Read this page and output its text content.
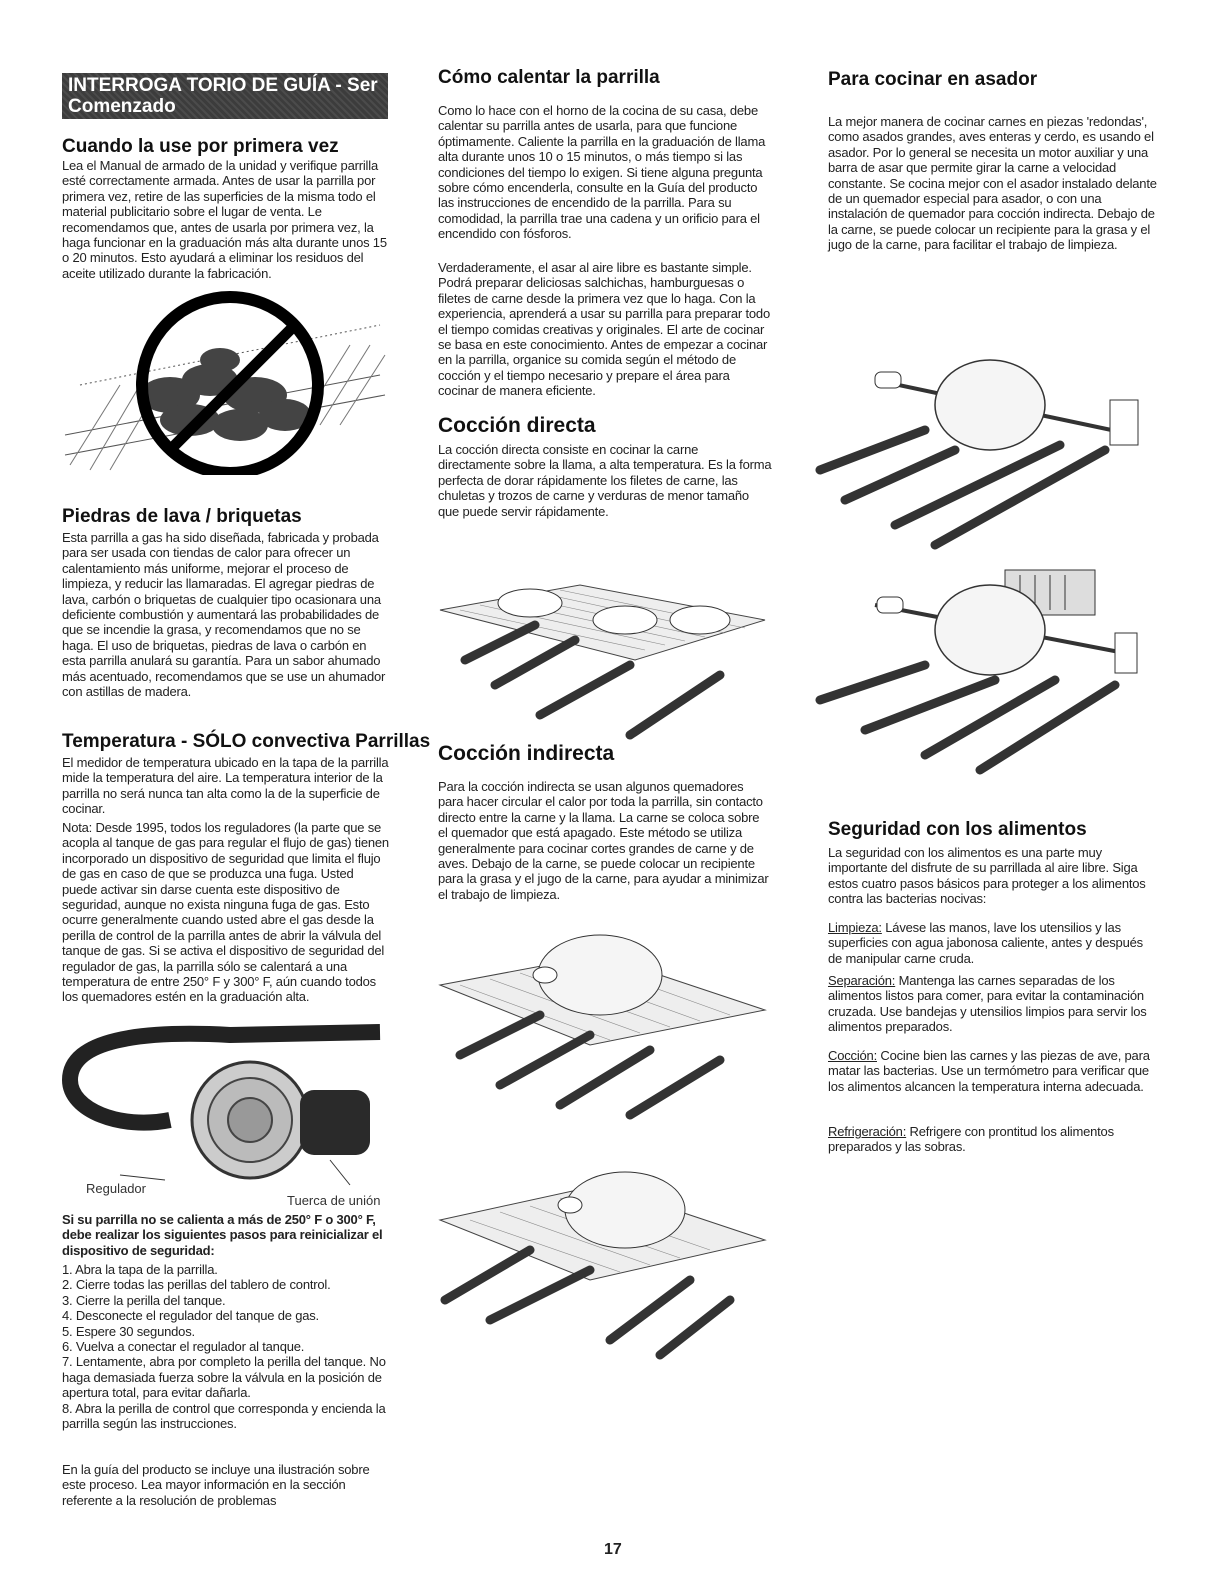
INTERROGA TORIO DE GUÍA - Ser Comenzado
Cuando la use por primera vez

Lea el Manual de armado de la unidad y verifique parrilla esté correctamente armada. Antes de usar la parrilla por primera vez, retire de las superficies de la misma todo el material publicitario sobre el lugar de venta. Le recomendamos que, antes de usarla por primera vez, la haga funcionar en la graduación más alta durante unos 15 o 20 minutos. Esto ayudará a eliminar los residuos del aceite utilizado durante la fabricación.

Piedras de lava / briquetas

Esta parrilla a gas ha sido diseñada, fabricada y probada para ser usada con tiendas de calor para ofrecer un calentamiento más uniforme, mejorar el proceso de limpieza, y reducir las llamaradas. El agregar piedras de lava, carbón o briquetas de cualquier tipo ocasionara una deficiente combustión y aumentará las probabilidades de que se incendie la grasa, y recomendamos que no se haga. El uso de briquetas, piedras de lava o carbón en esta parrilla anulará su garantía. Para un sabor ahumado más acentuado, recomendamos que se use un ahumador con astillas de madera.

Temperatura - SÓLO convectiva Parrillas

El medidor de temperatura ubicado en la tapa de la parrilla mide la temperatura del aire. La temperatura interior de la parrilla no será nunca tan alta como la de la superficie de cocinar.

Nota: Desde 1995, todos los reguladores (la parte que se acopla al tanque de gas para regular el flujo de gas) tienen incorporado un dispositivo de seguridad que limita el flujo de gas en caso de que se produzca una fuga. Usted puede activar sin darse cuenta este dispositivo de seguridad, aunque no exista ninguna fuga de gas. Esto ocurre generalmente cuando usted abre el gas desde la perilla de control de la parrilla antes de abrir la válvula del tanque de gas. Si se activa el dispositivo de seguridad del regulador de gas, la parrilla sólo se calentará a una temperatura de entre 250° F y 300° F, aún cuando todos los quemadores estén en la graduación alta.

Regulador
Tuerca de unión

Si su parrilla no se calienta a más de 250° F o 300° F, debe realizar los siguientes pasos para reinicializar el dispositivo de seguridad:

1. Abra la tapa de la parrilla.
2. Cierre todas las perillas del tablero de control.
3. Cierre la perilla del tanque.
4. Desconecte el regulador del tanque de gas.
5. Espere 30 segundos.
6. Vuelva a conectar el regulador al tanque.
7. Lentamente, abra por completo la perilla del tanque. No haga demasiada fuerza sobre la válvula en la posición de apertura total, para evitar dañarla.
8. Abra la perilla de control que corresponda y encienda la parrilla según las instrucciones.

En la guía del producto se incluye una ilustración sobre este proceso. Lea mayor información en la sección referente a la resolución de problemas

Cómo calentar la parrilla

Como lo hace con el horno de la cocina de su casa, debe calentar su parrilla antes de usarla, para que funcione óptimamente. Caliente la parrilla en la graduación de llama alta durante unos 10 o 15 minutos, o más tiempo si las condiciones del tiempo lo exigen. Si tiene alguna pregunta sobre cómo encenderla, consulte en la Guía del producto las instrucciones de encendido de la parrilla. Para su comodidad, la parrilla trae una cadena y un orificio para el encendido con fósforos.

Verdaderamente, el asar al aire libre es bastante simple. Podrá preparar deliciosas salchichas, hamburguesas o filetes de carne desde la primera vez que lo haga. Con la experiencia, aprenderá a usar su parrilla para preparar todo el tiempo comidas creativas y originales. El arte de cocinar se basa en este conocimiento. Antes de empezar a cocinar en la parrilla, organice su comida según el método de cocción y el tiempo necesario y prepare el área para cocinar de manera eficiente.

Cocción directa

La cocción directa consiste en cocinar la carne directamente sobre la llama, a alta temperatura. Es la forma perfecta de dorar rápidamente los filetes de carne, las chuletas y trozos de carne y verduras de menor tamaño que puede servir rápidamente.

Cocción indirecta

Para la cocción indirecta se usan algunos quemadores para hacer circular el calor por toda la parrilla, sin contacto directo entre la carne y la llama. La carne se coloca sobre el quemador que está apagado. Este método se utiliza generalmente para cocinar cortes grandes de carne y de aves. Debajo de la carne, se puede colocar un recipiente para la grasa y el jugo de la carne, para ayudar a minimizar el trabajo de limpieza.

Para cocinar en asador

La mejor manera de cocinar carnes en piezas 'redondas', como asados grandes, aves enteras y cerdo, es usando el asador. Por lo general se necesita un motor auxiliar y una barra de asar que permite girar la carne a velocidad constante. Se cocina mejor con el asador instalado delante de un quemador especial para asador, o con una instalación de quemador para cocción indirecta. Debajo de la carne, se puede colocar un recipiente para la grasa y el jugo de la carne, para facilitar el trabajo de limpieza.

Seguridad con los alimentos

La seguridad con los alimentos es una parte muy importante del disfrute de su parrillada al aire libre. Siga estos cuatro pasos básicos para proteger a los alimentos contra las bacterias nocivas:

Limpieza: Lávese las manos, lave los utensilios y las superficies con agua jabonosa caliente, antes y después de manipular carne cruda.

Separación: Mantenga las carnes separadas de los alimentos listos para comer, para evitar la contaminación cruzada. Use bandejas y utensilios limpios para servir los alimentos preparados.

Cocción: Cocine bien las carnes y las piezas de ave, para matar las bacterias. Use un termómetro para verificar que los alimentos alcancen la temperatura interna adecuada.

Refrigeración: Refrigere con prontitud los alimentos preparados y las sobras.

17
